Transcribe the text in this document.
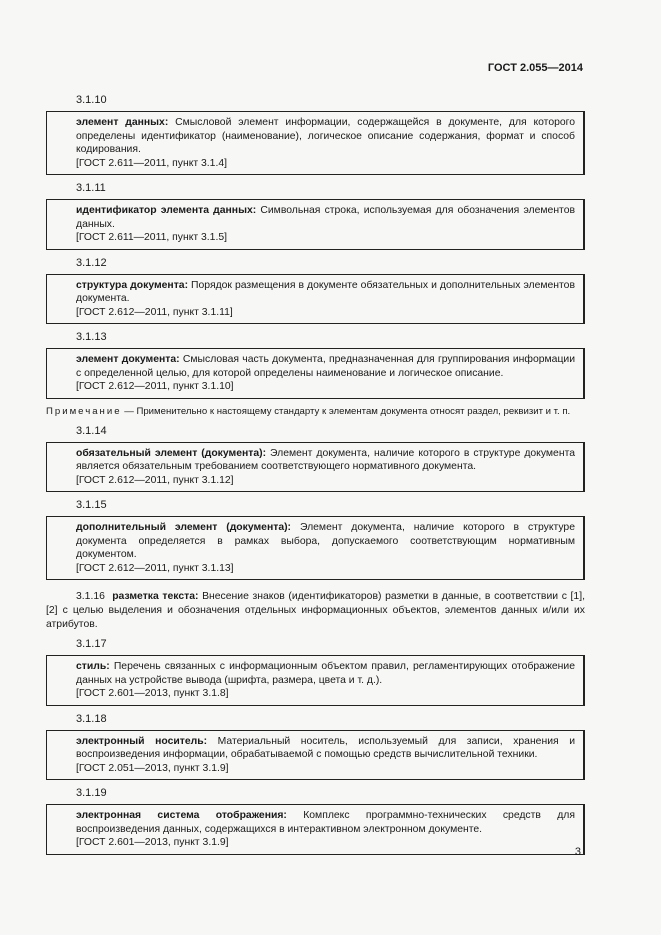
ГОСТ 2.055—2014
3.1.10
элемент данных: Смысловой элемент информации, содержащейся в документе, для которого определены идентификатор (наименование), логическое описание содержания, формат и способ кодирования.
[ГОСТ 2.611—2011, пункт 3.1.4]
3.1.11
идентификатор элемента данных: Символьная строка, используемая для обозначения элементов данных.
[ГОСТ 2.611—2011, пункт 3.1.5]
3.1.12
структура документа: Порядок размещения в документе обязательных и дополнительных элементов документа.
[ГОСТ 2.612—2011, пункт 3.1.11]
3.1.13
элемент документа: Смысловая часть документа, предназначенная для группирования информации с определенной целью, для которой определены наименование и логическое описание.
[ГОСТ 2.612—2011, пункт 3.1.10]

Примечание — Применительно к настоящему стандарту к элементам документа относят раздел, реквизит и т. п.

3.1.14
обязательный элемент (документа): Элемент документа, наличие которого в структуре документа является обязательным требованием соответствующего нормативного документа.
[ГОСТ 2.612—2011, пункт 3.1.12]
3.1.15
дополнительный элемент (документа): Элемент документа, наличие которого в структуре документа определяется в рамках выбора, допускаемого соответствующим нормативным документом.
[ГОСТ 2.612—2011, пункт 3.1.13]

3.1.16 разметка текста: Внесение знаков (идентификаторов) разметки в данные, в соответствии с [1], [2] с целью выделения и обозначения отдельных информационных объектов, элементов данных и/или их атрибутов.

3.1.17
стиль: Перечень связанных с информационным объектом правил, регламентирующих отображение данных на устройстве вывода (шрифта, размера, цвета и т. д.).
[ГОСТ 2.601—2013, пункт 3.1.8]
3.1.18
электронный носитель: Материальный носитель, используемый для записи, хранения и воспроизведения информации, обрабатываемой с помощью средств вычислительной техники.
[ГОСТ 2.051—2013, пункт 3.1.9]
3.1.19
электронная система отображения: Комплекс программно-технических средств для воспроизведения данных, содержащихся в интерактивном электронном документе.
[ГОСТ 2.601—2013, пункт 3.1.9]
3
